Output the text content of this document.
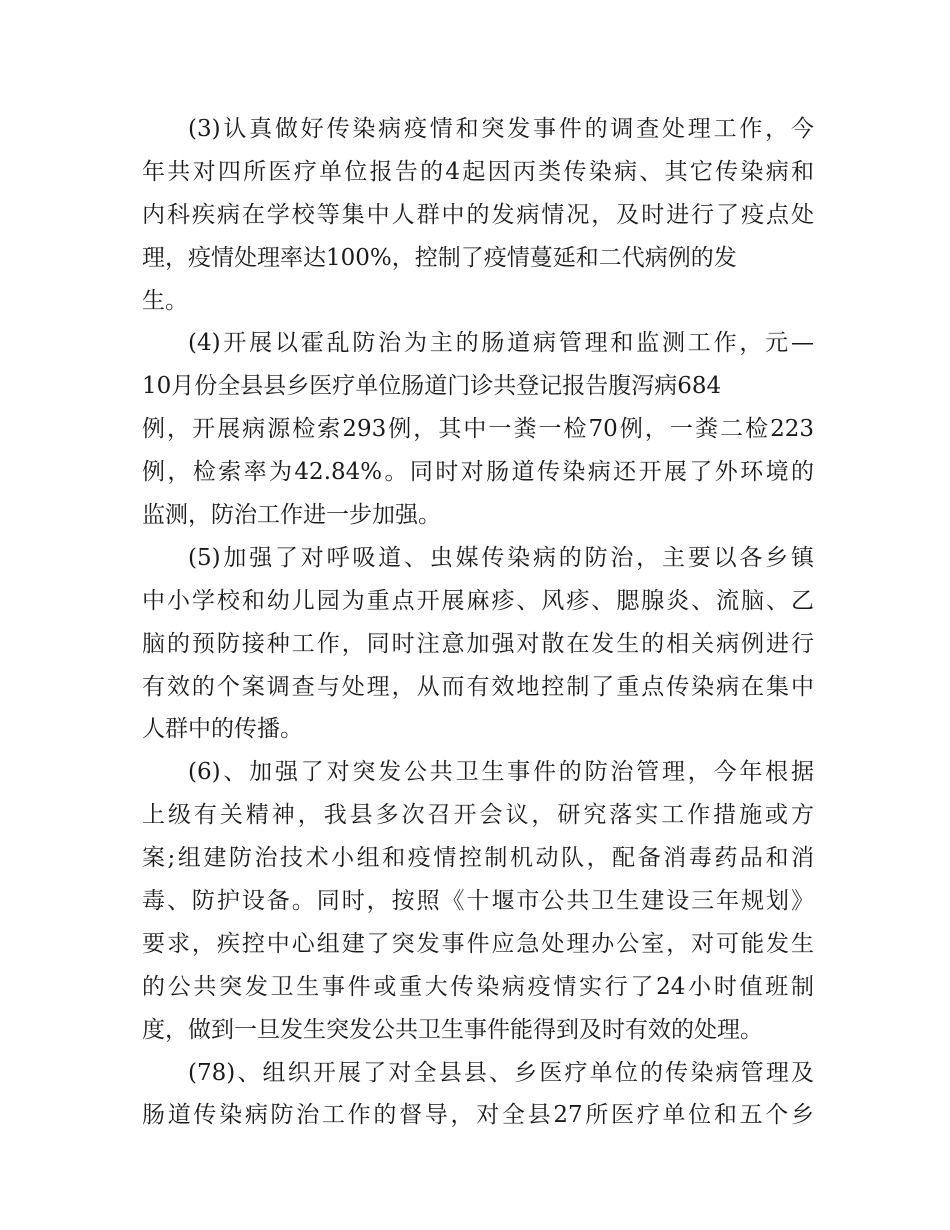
(3)认真做好传染病疫情和突发事件的调查处理工作，今
年共对四所医疗单位报告的4起因丙类传染病、其它传染病和
内科疾病在学校等集中人群中的发病情况，及时进行了疫点处
理，疫情处理率达100%，控制了疫情蔓延和二代病例的发
生。
(4)开展以霍乱防治为主的肠道病管理和监测工作，元—
10月份全县县乡医疗单位肠道门诊共登记报告腹泻病684
例，开展病源检索293例，其中一粪一检70例，一粪二检223
例，检索率为42.84%。同时对肠道传染病还开展了外环境的
监测，防治工作进一步加强。
(5)加强了对呼吸道、虫媒传染病的防治，主要以各乡镇
中小学校和幼儿园为重点开展麻疹、风疹、腮腺炎、流脑、乙
脑的预防接种工作，同时注意加强对散在发生的相关病例进行
有效的个案调查与处理，从而有效地控制了重点传染病在集中
人群中的传播。
(6)、加强了对突发公共卫生事件的防治管理，今年根据
上级有关精神，我县多次召开会议，研究落实工作措施或方
案;组建防治技术小组和疫情控制机动队，配备消毒药品和消
毒、防护设备。同时，按照《十堰市公共卫生建设三年规划》
要求，疾控中心组建了突发事件应急处理办公室，对可能发生
的公共突发卫生事件或重大传染病疫情实行了24小时值班制
度，做到一旦发生突发公共卫生事件能得到及时有效的处理。
(78)、组织开展了对全县县、乡医疗单位的传染病管理及
肠道传染病防治工作的督导，对全县27所医疗单位和五个乡
